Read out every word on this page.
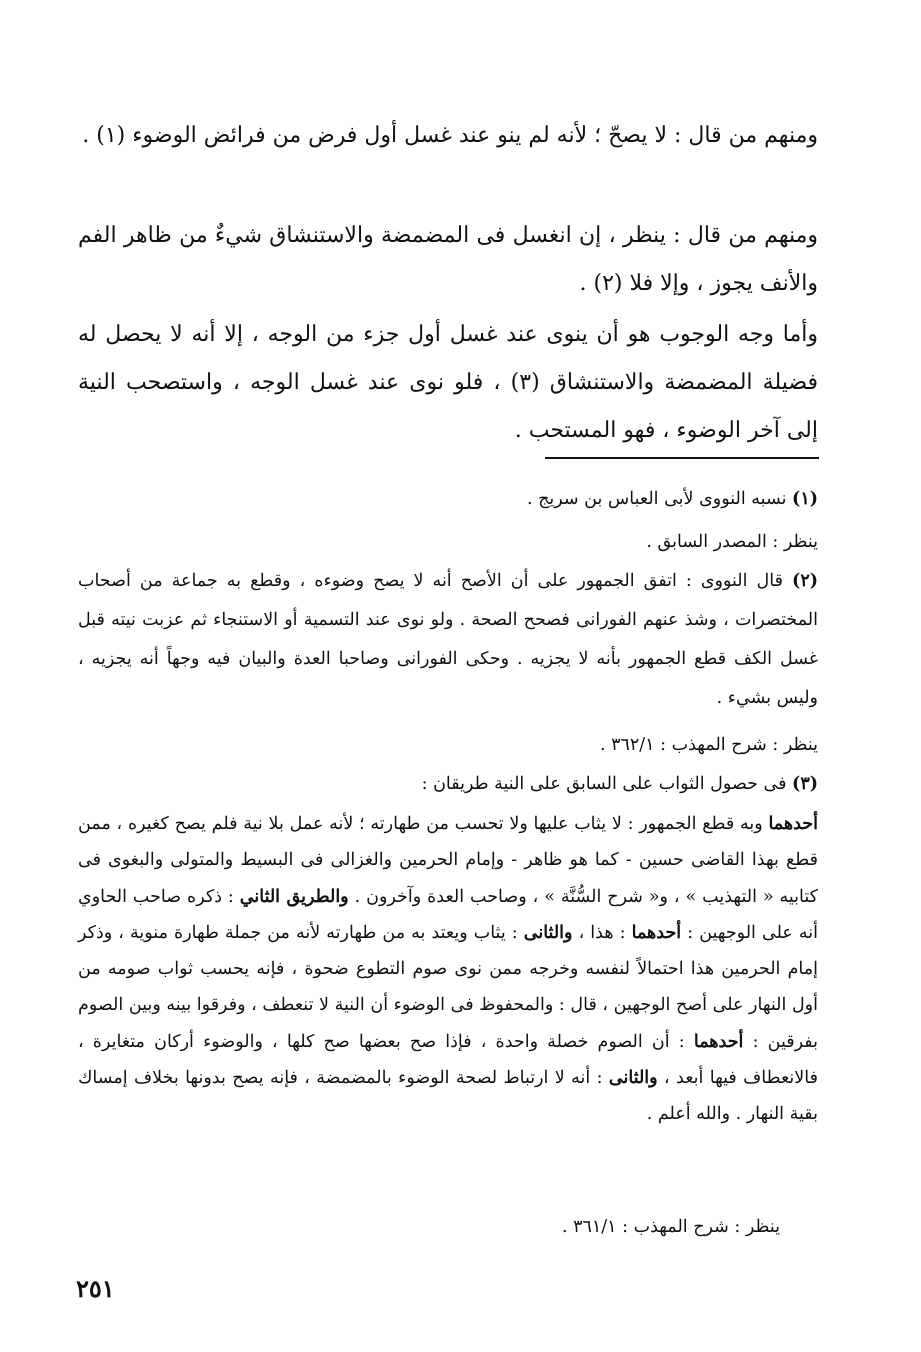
ومنهم من قال : لا يصحّ ؛ لأنه لم ينو عند غسل أول فرض من فرائض الوضوء (١) .

ومنهم من قال : ينظر ، إن انغسل فى المضمضة والاستنشاق شيءٌ من ظاهر الفم والأنف يجوز ، وإلا فلا (٢) .

وأما وجه الوجوب هو أن ينوى عند غسل أول جزء من الوجه ، إلا أنه لا يحصل له فضيلة المضمضة والاستنشاق (٣) ، فلو نوى عند غسل الوجه ، واستصحب النية إلى آخر الوضوء ، فهو المستحب .

(١) نسبه النووى لأبى العباس بن سريج .

ينظر : المصدر السابق .

(٢) قال النووى : اتفق الجمهور على أن الأصح أنه لا يصح وضوءه ، وقطع به جماعة من أصحاب المختصرات ، وشذ عنهم الفورانى فصحح الصحة . ولو نوى عند التسمية أو الاستنجاء ثم عزبت نيته قبل غسل الكف قطع الجمهور بأنه لا يجزيه . وحكى الفورانى وصاحبا العدة والبيان فيه وجهاً أنه يجزيه ، وليس بشيء .

ينظر : شرح المهذب : ٣٦٢/١ .

(٣) فى حصول الثواب على السابق على النية طريقان :

أحدهما وبه قطع الجمهور : لا يثاب عليها ولا تحسب من طهارته ؛ لأنه عمل بلا نية فلم يصح كغيره ، ممن قطع بهذا القاضى حسين - كما هو ظاهر - وإمام الحرمين والغزالى فى البسيط والمتولى والبغوى فى كتابيه « التهذيب » ، و« شرح السُّنَّة » ، وصاحب العدة وآخرون . والطريق الثاني : ذكره صاحب الحاوي أنه على الوجهين : أحدهما : هذا ، والثانى : يثاب ويعتد به من طهارته لأنه من جملة طهارة منوية ، وذكر إمام الحرمين هذا احتمالاً لنفسه وخرجه ممن نوى صوم التطوع ضحوة ، فإنه يحسب ثواب صومه من أول النهار على أصح الوجهين ، قال : والمحفوظ فى الوضوء أن النية لا تنعطف ، وفرقوا بينه وبين الصوم بفرقين : أحدهما : أن الصوم خصلة واحدة ، فإذا صح بعضها صح كلها ، والوضوء أركان متغايرة ، فالانعطاف فيها أبعد ، والثانى : أنه لا ارتباط لصحة الوضوء بالمضمضة ، فإنه يصح بدونها بخلاف إمساك بقية النهار . والله أعلم .

ينظر : شرح المهذب : ٣٦١/١ .

٢٥١
